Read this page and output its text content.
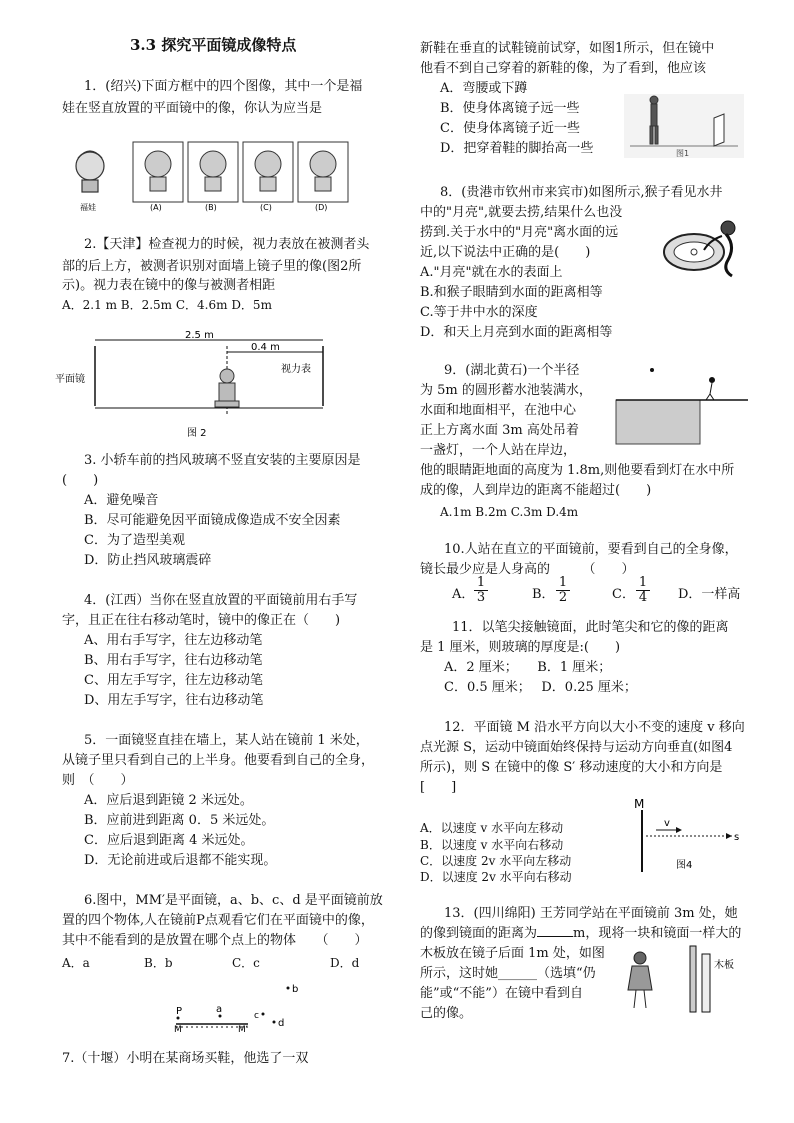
3.3 探究平面镜成像特点
1．(绍兴)下面方框中的四个图像，其中一个是福
娃在竖直放置的平面镜中的像，你认为应当是
福娃	(A)	(B)	(C)	(D)
2.【天津】检查视力的时候，视力表放在被测者头
部的后上方，被测者识别对面墙上镜子里的像(图2所
示)。视力表在镜中的像与被测者相距
A．2.1 m B．2.5m C．4.6m D．5m
2.5 m
0.4 m
平面镜
视力表
图 2
3. 小轿车前的挡风玻璃不竖直安装的主要原因是
(　　)
A．避免噪音
B．尽可能避免因平面镜成像造成不安全因素
C．为了造型美观
D．防止挡风玻璃震碎
4．(江西）当你在竖直放置的平面镜前用右手写
字，且正在往右移动笔时，镜中的像正在（　　)
A、用右手写字，往左边移动笔
B、用右手写字，往右边移动笔
C、用左手写字，往左边移动笔
D、用左手写字，往右边移动笔
5．一面镜竖直挂在墙上，某人站在镜前 1 米处，
从镜子里只看到自己的上半身。他要看到自己的全身，
则　（　　）
A．应后退到距镜 2 米远处。
B．应前进到距离 0．5 米远处。
C．应后退到距离 4 米远处。
D．无论前进或后退都不能实现。
6.图中，MM′是平面镜，a、b、c、d 是平面镜前放
置的四个物体,人在镜前P点观看它们在平面镜中的像，
其中不能看到的是放置在哪个点上的物体　　（　　）
A．a	B．b	C．c	D．d
P	a
b
c
d
M	M′
7.（十堰）小明在某商场买鞋，他选了一双
新鞋在垂直的试鞋镜前试穿，如图1所示，但在镜中
他看不到自己穿着的新鞋的像，为了看到，他应该
A．弯腰或下蹲
B．使身体离镜子远一些
C．使身体离镜子近一些
D．把穿着鞋的脚抬高一些	图1
8．(贵港市钦州市来宾市)如图所示,猴子看见水井
中的"月亮",就要去捞,结果什么也没
捞到.关于水中的"月亮"离水面的远
近,以下说法中正确的是(　　)
A."月亮"就在水的表面上
B.和猴子眼睛到水面的距离相等
C.等于井中水的深度
D．和天上月亮到水面的距离相等
9．(湖北黄石)一个半径
为 5m 的圆形蓄水池装满水，
水面和地面相平，在池中心
正上方离水面 3m 高处吊着
一盏灯，一个人站在岸边，
他的眼睛距地面的高度为 1.8m,则他要看到灯在水中所
成的像，人到岸边的距离不能超过(　　)
A.1m B.2m C.3m D.4m
10.人站在直立的平面镜前，要看到自己的全身像，
镜长最少应是人身高的　　　（　　）
A． $\frac{1}{3}$	B． $\frac{1}{2}$	C． $\frac{1}{4}$ D．一样高
11．以笔尖接触镜面，此时笔尖和它的像的距离
是 1 厘米，则玻璃的厚度是:(　　)
A．2 厘米；　　B．1 厘米；
C．0.5 厘米；　 D．0.25 厘米；
12．平面镜 M 沿水平方向以大小不变的速度 v 移向
点光源 S，运动中镜面始终保持与运动方向垂直(如图4
所示)，则 S 在镜中的像 S′ 移动速度的大小和方向是
[　　]
A．以速度 v 水平向左移动
B．以速度 v 水平向右移动
C．以速度 2v 水平向左移动
D．以速度 2v 水平向右移动
M
v
s
图4
13．(四川绵阳) 王芳同学站在平面镜前 3m 处，她
的像到镜面的距离为	m，现将一块和镜面一样大的
木板放在镜子后面 1m 处，如图
所示，这时她______（选填“仍
能”或“不能”）在镜中看到自
己的像。
木板
